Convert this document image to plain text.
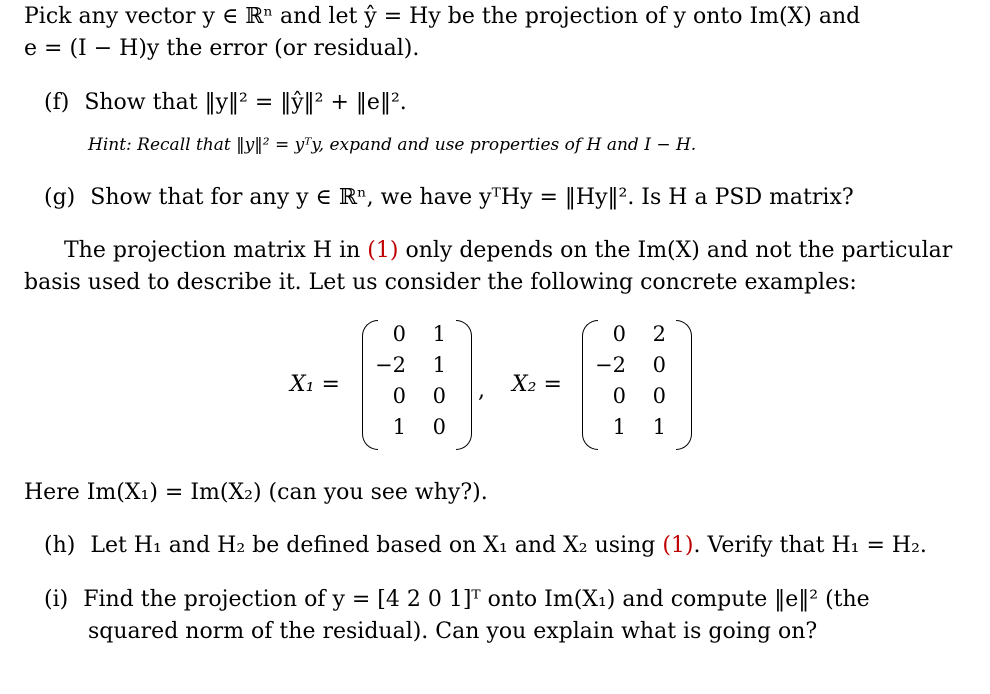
Pick any vector y ∈ ℝⁿ and let ŷ = Hy be the projection of y onto Im(X) and
e = (I − H)y the error (or residual).
(f) Show that ‖y‖² = ‖ŷ‖² + ‖e‖².
Hint: Recall that ‖y‖² = yᵀy, expand and use properties of H and I − H.
(g) Show that for any y ∈ ℝⁿ, we have yᵀHy = ‖Hy‖². Is H a PSD matrix?
The projection matrix H in (1) only depends on the Im(X) and not the particular
basis used to describe it. Let us consider the following concrete examples:
X₁ =
0	1
−2	1
0	0
1	0
, X₂ =
0	2
−2	0
0	0
1	1
Here Im(X₁) = Im(X₂) (can you see why?).
(h) Let H₁ and H₂ be defined based on X₁ and X₂ using (1). Verify that H₁ = H₂.
(i) Find the projection of y = [4 2 0 1]ᵀ onto Im(X₁) and compute ‖e‖² (the
squared norm of the residual). Can you explain what is going on?
